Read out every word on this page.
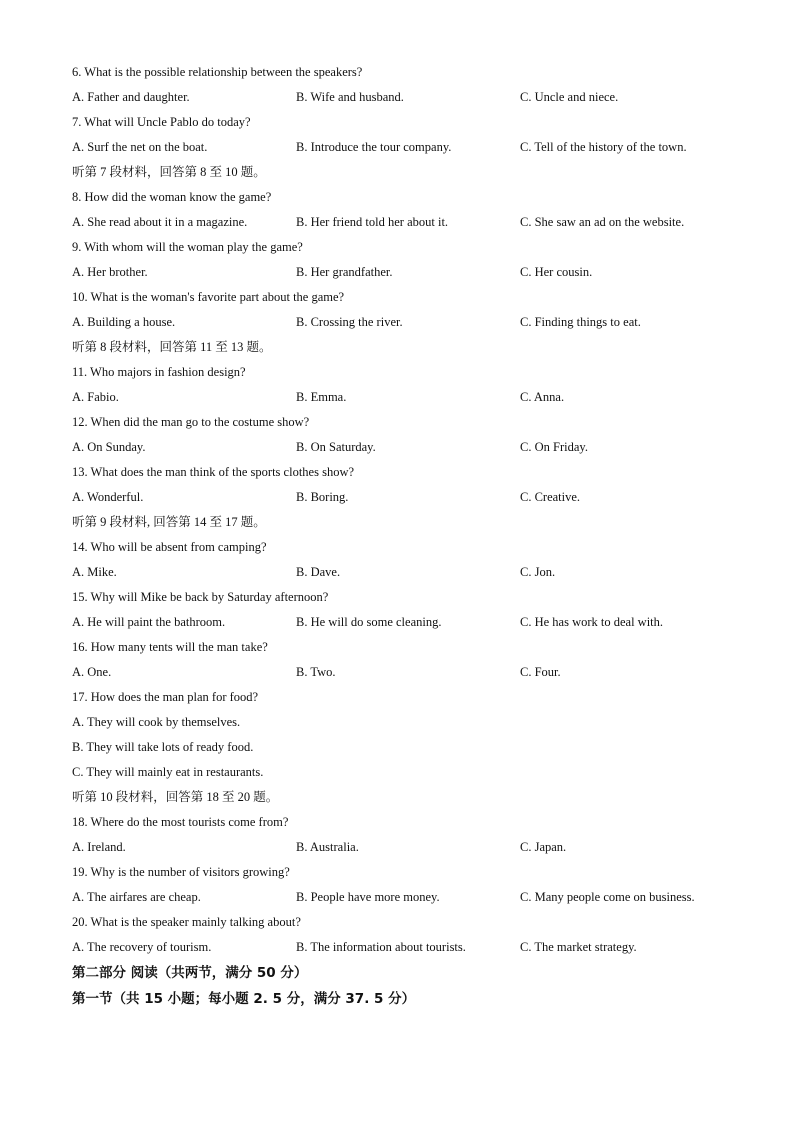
6. What is the possible relationship between the speakers?
A. Father and daughter.	B. Wife and husband.	C. Uncle and niece.
7. What will Uncle Pablo do today?
A. Surf the net on the boat.	B. Introduce the tour company.	C. Tell of the history of the town.
听第 7 段材料，回答第 8 至 10 题。
8. How did the woman know the game?
A. She read about it in a magazine.	B. Her friend told her about it.	C. She saw an ad on the website.
9. With whom will the woman play the game?
A. Her brother.	B. Her grandfather.	C. Her cousin.
10. What is the woman's favorite part about the game?
A. Building a house.	B. Crossing the river.	C. Finding things to eat.
听第 8 段材料，回答第 11 至 13 题。
11. Who majors in fashion design?
A. Fabio.	B. Emma.	C. Anna.
12. When did the man go to the costume show?
A. On Sunday.	B. On Saturday.	C. On Friday.
13. What does the man think of the sports clothes show?
A. Wonderful.	B. Boring.	C. Creative.
听第 9 段材料, 回答第 14 至 17 题。
14. Who will be absent from camping?
A. Mike.	B. Dave.	C. Jon.
15. Why will Mike be back by Saturday afternoon?
A. He will paint the bathroom.	B. He will do some cleaning.	C. He has work to deal with.
16. How many tents will the man take?
A. One.	B. Two.	C. Four.
17. How does the man plan for food?
A. They will cook by themselves.
B. They will take lots of ready food.
C. They will mainly eat in restaurants.
听第 10 段材料，回答第 18 至 20 题。
18. Where do the most tourists come from?
A. Ireland.	B. Australia.	C. Japan.
19. Why is the number of visitors growing?
A. The airfares are cheap.	B. People have more money.	C. Many people come on business.
20. What is the speaker mainly talking about?
A. The recovery of tourism.	B. The information about tourists.	C. The market strategy.
第二部分 阅读（共两节，满分 50 分）
第一节（共 15 小题；每小题 2. 5 分，满分 37. 5 分）
